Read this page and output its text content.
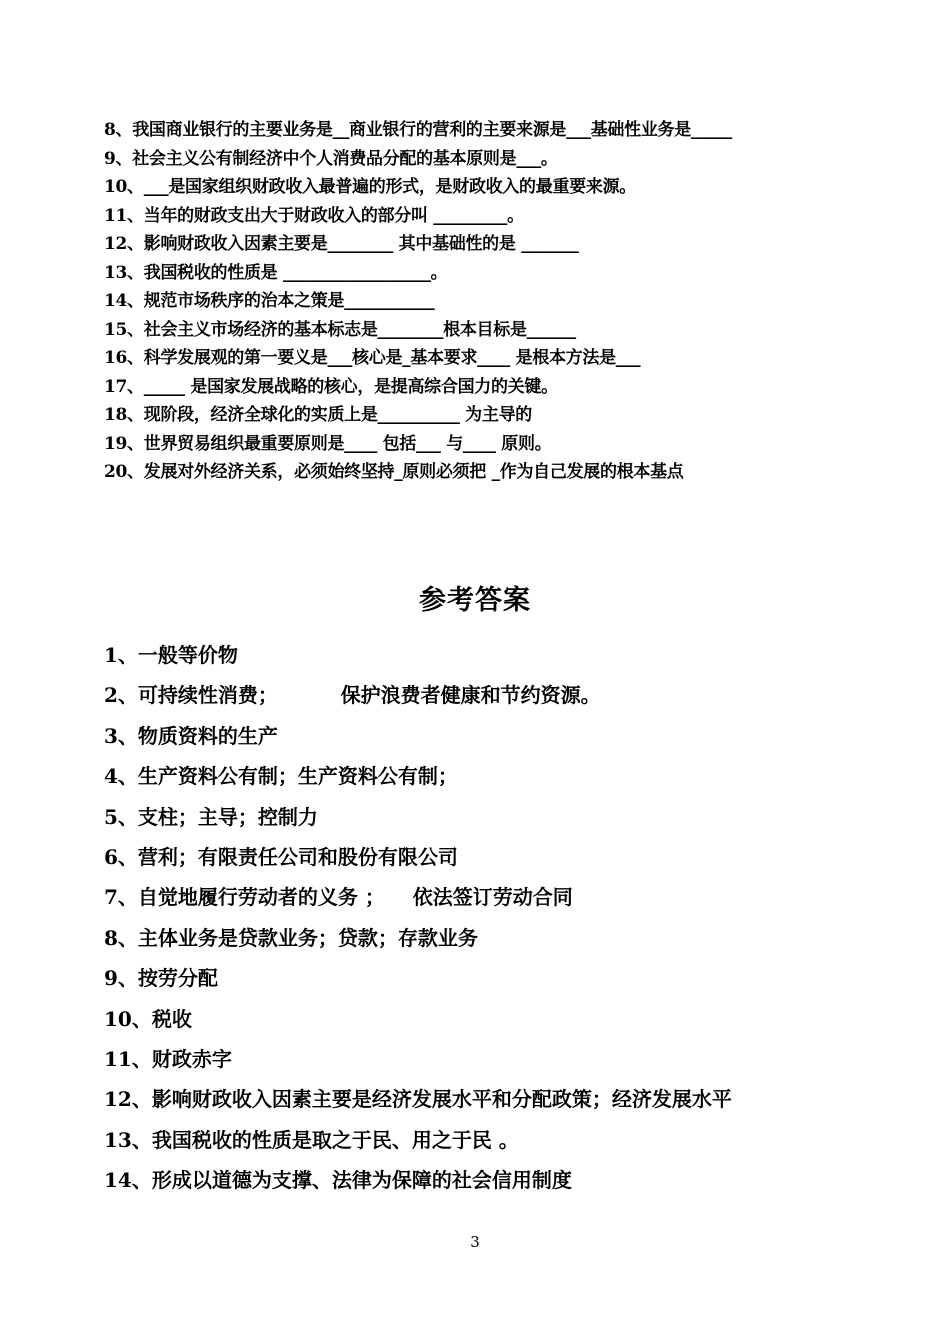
8、我国商业银行的主要业务是__商业银行的营利的主要来源是___基础性业务是_____
9、社会主义公有制经济中个人消费品分配的基本原则是___。
10、___是国家组织财政收入最普遍的形式，是财政收入的最重要来源。
11、当年的财政支出大于财政收入的部分叫 _________。
12、影响财政收入因素主要是________ 其中基础性的是 _______
13、我国税收的性质是 __________________。
14、规范市场秩序的治本之策是___________
15、社会主义市场经济的基本标志是________根本目标是______
16、科学发展观的第一要义是___核心是_基本要求____ 是根本方法是___
17、_____ 是国家发展战略的核心，是提高综合国力的关键。
18、现阶段，经济全球化的实质上是__________ 为主导的
19、世界贸易组织最重要原则是____ 包括___ 与____ 原则。
20、发展对外经济关系，必须始终坚持_原则必须把 _作为自己发展的根本基点
参考答案
1、一般等价物
2、可持续性消费；         保护浪费者健康和节约资源。
3、物质资料的生产
4、生产资料公有制；生产资料公有制；
5、支柱；主导；控制力
6、营利；有限责任公司和股份有限公司
7、自觉地履行劳动者的义务 ；    依法签订劳动合同
8、主体业务是贷款业务；贷款；存款业务
9、按劳分配
10、税收
11、财政赤字
12、影响财政收入因素主要是经济发展水平和分配政策；经济发展水平
13、我国税收的性质是取之于民、用之于民 。
14、形成以道德为支撑、法律为保障的社会信用制度
3
